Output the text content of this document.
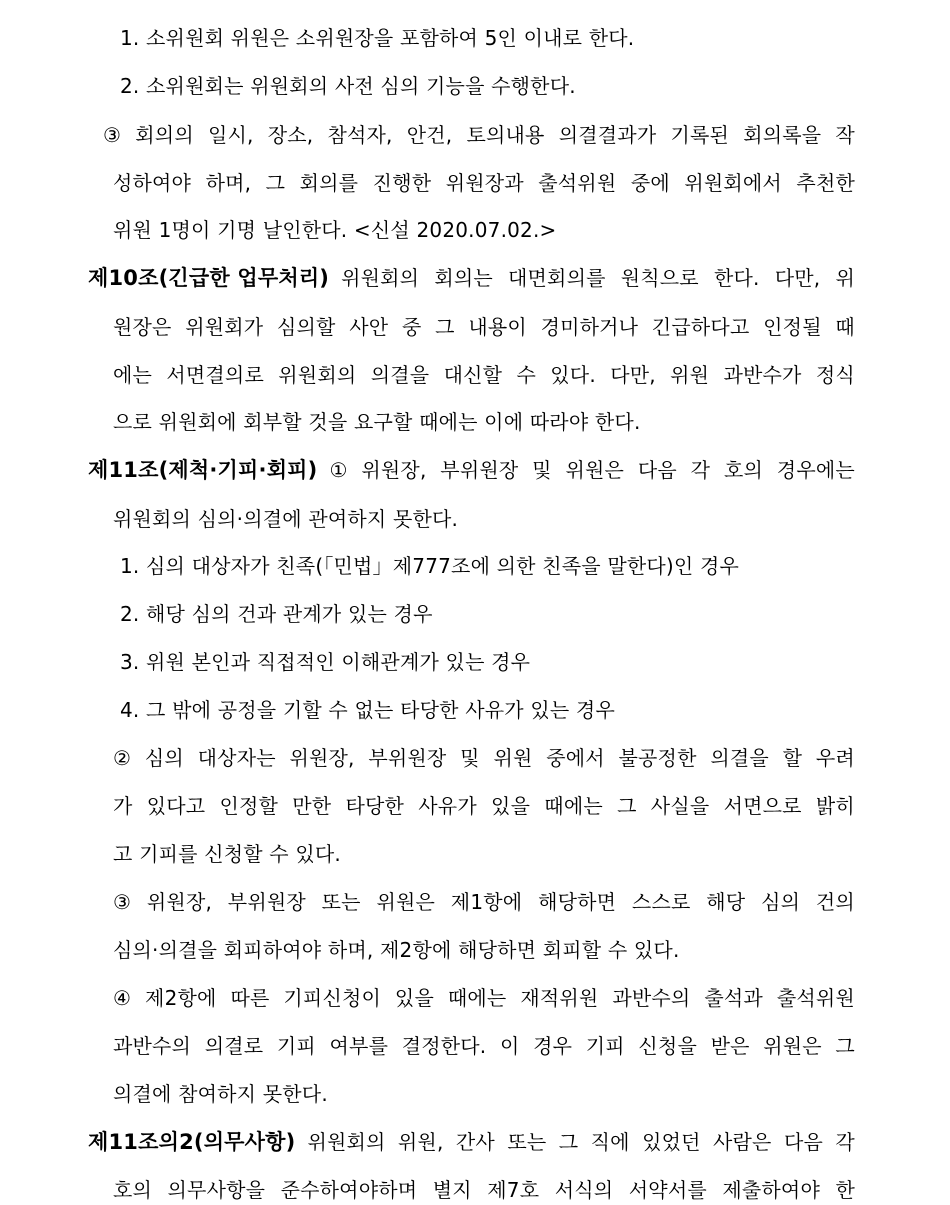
1. 소위원회 위원은 소위원장을 포함하여 5인 이내로 한다.
2. 소위원회는 위원회의 사전 심의 기능을 수행한다.
③ 회의의 일시, 장소, 참석자, 안건, 토의내용 의결결과가 기록된 회의록을 작
성하여야 하며, 그 회의를 진행한 위원장과 출석위원 중에 위원회에서 추천한
위원 1명이 기명 날인한다. <신설 2020.07.02.>
제10조(긴급한 업무처리) 위원회의 회의는 대면회의를 원칙으로 한다. 다만, 위
원장은 위원회가 심의할 사안 중 그 내용이 경미하거나 긴급하다고 인정될 때
에는 서면결의로 위원회의 의결을 대신할 수 있다. 다만, 위원 과반수가 정식
으로 위원회에 회부할 것을 요구할 때에는 이에 따라야 한다.
제11조(제척·기피·회피) ① 위원장, 부위원장 및 위원은 다음 각 호의 경우에는
위원회의 심의·의결에 관여하지 못한다.
1. 심의 대상자가 친족(「민법」제777조에 의한 친족을 말한다)인 경우
2. 해당 심의 건과 관계가 있는 경우
3. 위원 본인과 직접적인 이해관계가 있는 경우
4. 그 밖에 공정을 기할 수 없는 타당한 사유가 있는 경우
② 심의 대상자는 위원장, 부위원장 및 위원 중에서 불공정한 의결을 할 우려
가 있다고 인정할 만한 타당한 사유가 있을 때에는 그 사실을 서면으로 밝히
고 기피를 신청할 수 있다.
③ 위원장, 부위원장 또는 위원은 제1항에 해당하면 스스로 해당 심의 건의
심의·의결을 회피하여야 하며, 제2항에 해당하면 회피할 수 있다.
④ 제2항에 따른 기피신청이 있을 때에는 재적위원 과반수의 출석과 출석위원
과반수의 의결로 기피 여부를 결정한다. 이 경우 기피 신청을 받은 위원은 그
의결에 참여하지 못한다.
제11조의2(의무사항) 위원회의 위원, 간사 또는 그 직에 있었던 사람은 다음 각
호의 의무사항을 준수하여야하며 별지 제7호 서식의 서약서를 제출하여야 한
